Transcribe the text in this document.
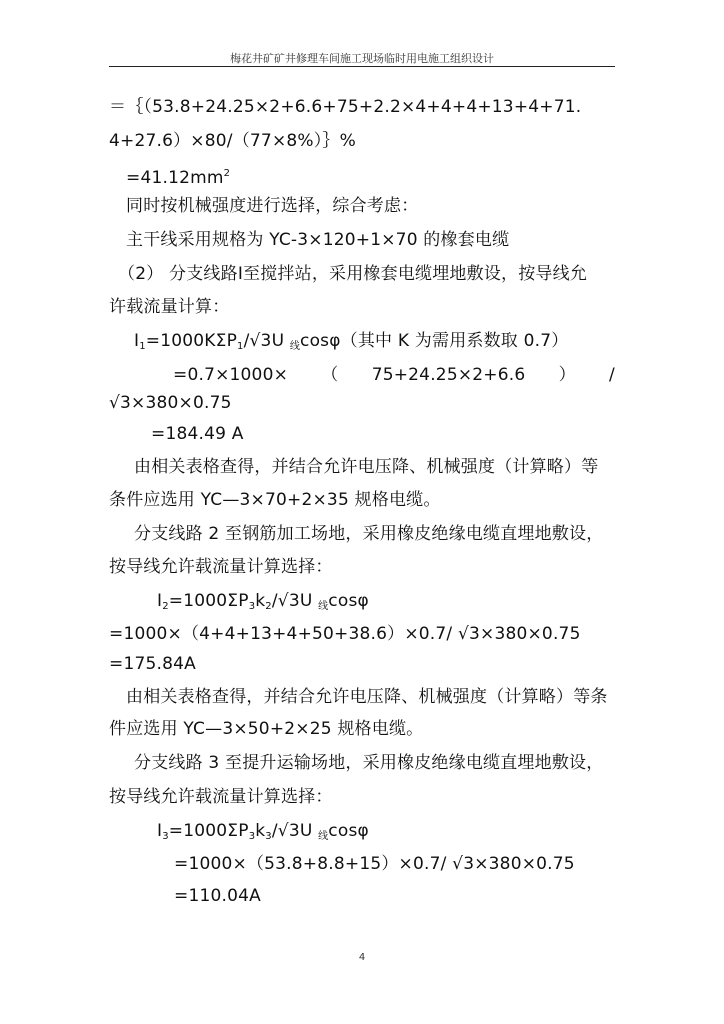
梅花井矿矿井修理车间施工现场临时用电施工组织设计
＝｛（53.8+24.25×2+6.6+75+2.2×4+4+4+13+4+71.
4+27.6）×80/（77×8%）｝%
$=41.12mm^2$
同时按机械强度进行选择，综合考虑：
主干线采用规格为 YC-3×120+1×70 的橡套电缆
（2） 分支线路Ⅰ至搅拌站，采用橡套电缆埋地敷设，按导线允
许载流量计算：
$I_1=1000K\Sigma P_1/√3U$ $_线$cosφ（其中 K 为需用系数取 0.7）
=0.7×1000× （ 75+24.25×2+6.6 ） /
√3×380×0.75
=184.49 A
由相关表格查得，并结合允许电压降、机械强度（计算略）等
条件应选用 YC—3×70+2×35 规格电缆。
分支线路 2 至钢筋加工场地，采用橡皮绝缘电缆直埋地敷设，
按导线允许载流量计算选择：
$I_2=1000\Sigma P_3k_2/√3U$ $_线$cosφ
=1000×（4+4+13+4+50+38.6）×0.7/ √3×380×0.75
=175.84A
由相关表格查得，并结合允许电压降、机械强度（计算略）等条
件应选用 YC—3×50+2×25 规格电缆。
分支线路 3 至提升运输场地，采用橡皮绝缘电缆直埋地敷设，
按导线允许载流量计算选择：
$I_3=1000\Sigma P_3k_3/√3U$ $_线$cosφ
=1000×（53.8+8.8+15）×0.7/ √3×380×0.75
=110.04A
4
